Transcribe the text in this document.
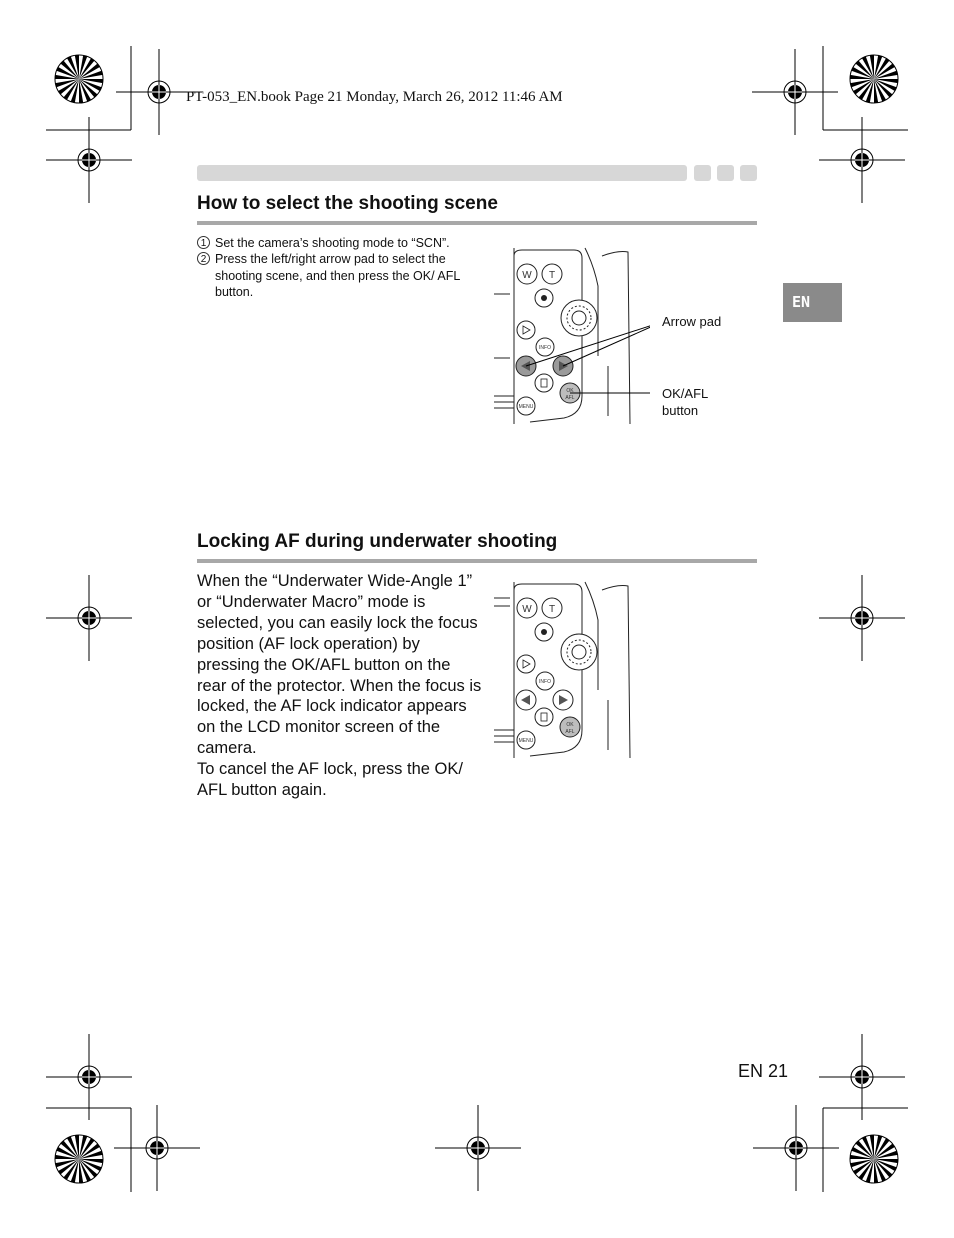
PT-053_EN.book Page 21 Monday, March 26, 2012 11:46 AM
EN
How to select the shooting scene
1 Set the camera’s shooting mode to “SCN”.
2 Press the left/right arrow pad to select the shooting scene, and then press the OK/ AFL button.
W T
INFO
OK
AFL
MENU
Arrow pad
OK/AFL
button
Locking AF during underwater shooting

When the “Underwater Wide-Angle 1” or “Underwater Macro” mode is selected, you can easily lock the focus position (AF lock operation) by pressing the OK/AFL button on the rear of the protector. When the focus is locked, the AF lock indicator appears on the LCD monitor screen of the camera.

To cancel the AF lock, press the OK/ AFL button again.

W T
INFO
OK
AFL
MENU
EN 21
